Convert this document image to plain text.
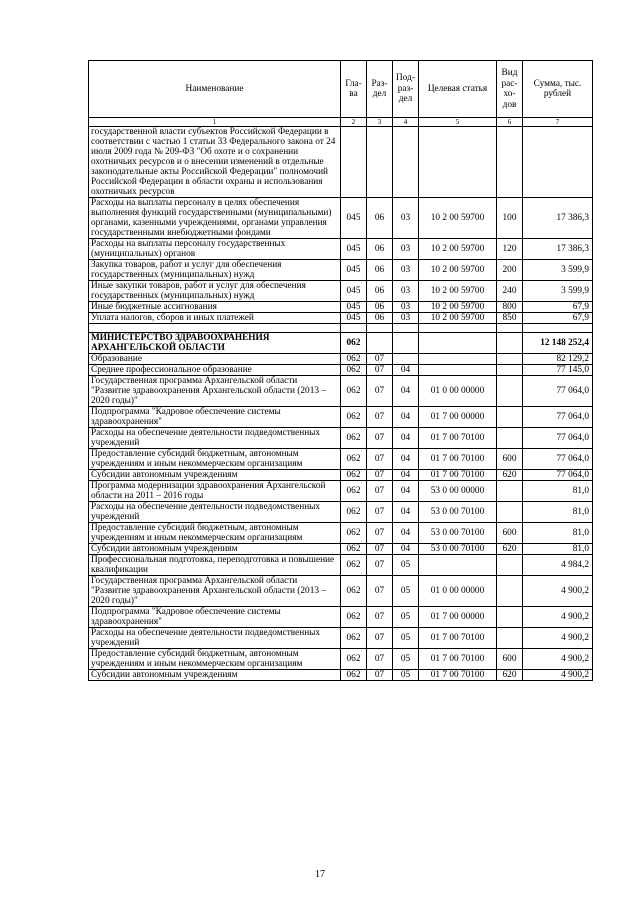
Наименование	Гла-ва	Раз-дел	Под-раз-дел	Целевая статья	Вид рас-хо-дов	Сумма, тыс. рублей
1	2	3	4	5	6	7
государственной власти субъектов Российской Федерации в соответствии с частью 1 статьи 33 Федерального закона от 24 июля 2009 года № 209-ФЗ "Об охоте и о сохранении охотничьих ресурсов и о внесении изменений в отдельные законодательные акты Российской Федерации" полномочий Российской Федерации в области охраны и использования охотничьих ресурсов						
Расходы на выплаты персоналу в целях обеспечения выполнения функций государственными (муниципальными) органами, казенными учреждениями, органами управления государственными внебюджетными фондами	045	06	03	10 2 00 59700	100	17 386,3
Расходы на выплаты персоналу государственных (муниципальных) органов	045	06	03	10 2 00 59700	120	17 386,3
Закупка товаров, работ и услуг для обеспечения государственных (муниципальных) нужд	045	06	03	10 2 00 59700	200	3 599,9
Иные закупки товаров, работ и услуг для обеспечения государственных (муниципальных) нужд	045	06	03	10 2 00 59700	240	3 599,9
Иные бюджетные ассигнования	045	06	03	10 2 00 59700	800	67,9
Уплата налогов, сборов и иных платежей	045	06	03	10 2 00 59700	850	67,9

МИНИСТЕРСТВО ЗДРАВООХРАНЕНИЯ АРХАНГЕЛЬСКОЙ ОБЛАСТИ	062					12 148 252,4
Образование	062	07				82 129,2
Среднее профессиональное образование	062	07	04			77 145,0
Государственная программа Архангельской области "Развитие здравоохранения Архангельской области (2013 – 2020 годы)"	062	07	04	01 0 00 00000		77 064,0
Подпрограмма "Кадровое обеспечение системы здравоохранения"	062	07	04	01 7 00 00000		77 064,0
Расходы на обеспечение деятельности подведомственных учреждений	062	07	04	01 7 00 70100		77 064,0
Предоставление субсидий бюджетным, автономным учреждениям и иным некоммерческим организациям	062	07	04	01 7 00 70100	600	77 064,0
Субсидии автономным учреждениям	062	07	04	01 7 00 70100	620	77 064,0
Программа модернизации здравоохранения Архангельской области на 2011 – 2016 годы	062	07	04	53 0 00 00000		81,0
Расходы на обеспечение деятельности подведомственных учреждений	062	07	04	53 0 00 70100		81,0
Предоставление субсидий бюджетным, автономным учреждениям и иным некоммерческим организациям	062	07	04	53 0 00 70100	600	81,0
Субсидии автономным учреждениям	062	07	04	53 0 00 70100	620	81,0
Профессиональная подготовка, переподготовка и повышение квалификации	062	07	05			4 984,2
Государственная программа Архангельской области "Развитие здравоохранения Архангельской области (2013 – 2020 годы)"	062	07	05	01 0 00 00000		4 900,2
Подпрограмма "Кадровое обеспечение системы здравоохранения"	062	07	05	01 7 00 00000		4 900,2
Расходы на обеспечение деятельности подведомственных учреждений	062	07	05	01 7 00 70100		4 900,2
Предоставление субсидий бюджетным, автономным учреждениям и иным некоммерческим организациям	062	07	05	01 7 00 70100	600	4 900,2
Субсидии автономным учреждениям	062	07	05	01 7 00 70100	620	4 900,2
17
